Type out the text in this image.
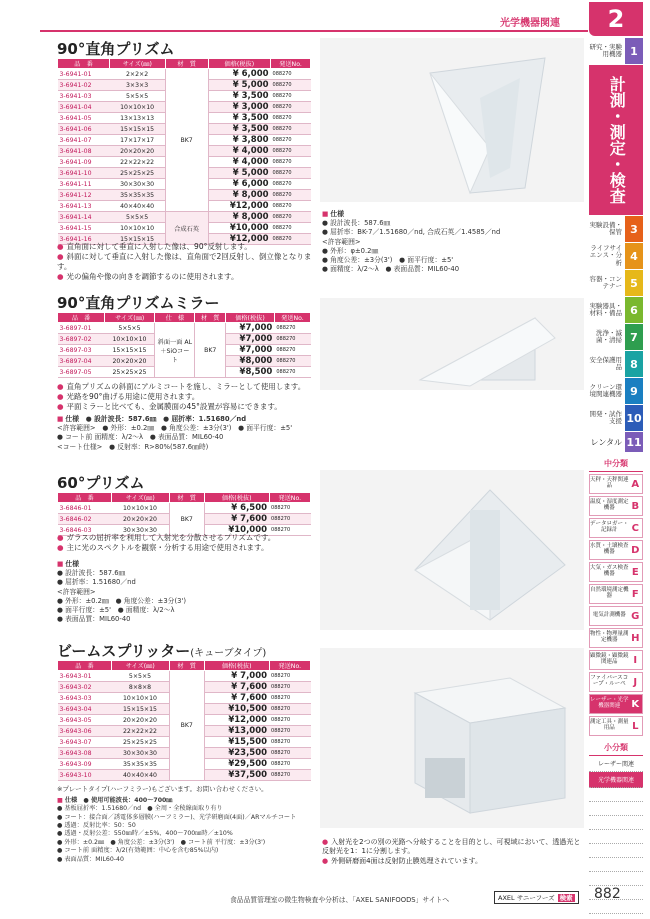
光学機器関連	2
研究・実験用機器 1
計測・測定・検査
実験設備・保管 3
ライフサイエンス・分析
4
容器・コンテナー 5
実験器具・材料・備品 6
洗浄・滅菌・清掃 7
安全保護用品 8
クリーン環境関連機器 9
開発・試作支援 10
レンタル 11
中分類
天秤・天秤関連品	A
温度・湿度測定機器	B
データロガー・記録計	C
水質・土壌検査機器	D
大気・ガス検査機器	E
自然環境測定機器	F
電気計測機器 G
物性・物理量測定機器	H
顕微鏡・顕微鏡関連品	I
ファイバースコープ・ルーペ J
レーザー・光学機器関連	K
測定工具・測量用品	L
小分類
レーザー関連
光学機器関連
90°直角プリズム
品　番	サイズ(㎜)	材　質	価格(税抜)	発送No.
3-6941-01	2×2×2	BK7	¥ 6,000	088270
3-6941-02	3×3×3		¥ 5,000	088270
3-6941-03	5×5×5		¥ 3,500	088270
3-6941-04	10×10×10		¥ 3,000	088270
3-6941-05	13×13×13		¥ 3,500	088270
3-6941-06	15×15×15		¥ 3,500	088270
3-6941-07	17×17×17		¥ 3,800	088270
3-6941-08	20×20×20		¥ 4,000	088270
3-6941-09	22×22×22		¥ 4,000	088270
3-6941-10	25×25×25		¥ 5,000	088270
3-6941-11	30×30×30		¥ 6,000	088270
3-6941-12	35×35×35		¥ 8,000	088270
3-6941-13	40×40×40		¥12,000	088270
3-6941-14	5×5×5	合成石英	¥ 8,000	088270
3-6941-15	10×10×10		¥10,000	088270
3-6941-16	15×15×15		¥12,000	088270
■ 仕様
● 設計波長：587.6㎚
● 屈折率：BK-7／1.51680／nd, 合成石英／1.4585／nd
<許容範囲>
● 外形：φ±0.2㎜
● 角度公差：±3分(3')　● 面平行度：±5'
● 面精度：λ/2～λ　● 表面品質：MIL60-40
● 直角面に対して垂直に入射した像は、90°反射します。
● 斜面に対して垂直に入射した像は、直角面で2回反射し、倒立像となります。
● 光の偏角や像の向きを調節するのに使用されます。
90°直角プリズムミラー
品　番	サイズ(㎜)	仕　様	材　質	価格(税抜)	発送No.
3-6897-01	5×5×5	斜面一面 AL＋SiOコート	BK7	¥7,000	088270
3-6897-02	10×10×10			¥7,000	088270
3-6897-03	15×15×15			¥7,000	088270
3-6897-04	20×20×20			¥8,000	088270
3-6897-05	25×25×25			¥8,500	088270
● 直角プリズムの斜面にアルミコートを施し、ミラーとして使用します。
● 光路を90°曲げる用途に使用されます。
● 平面ミラーと比べても、金属膜面の45°設置が容易にできます。
■ 仕様　● 設計波長：587.6㎚　● 屈折率：1.51680／nd
<許容範囲>　● 外形：±0.2㎜　● 角度公差：±3分(3')　● 面平行度：±5'
● コート前 面精度：λ/2～λ　● 表面品質：MIL60-40
<コート仕様>　● 反射率：R>80%(587.6㎚時)
60°プリズム
品　番	サイズ(㎜)	材　質	価格(税抜)	発送No.
3-6846-01	10×10×10	BK7	¥ 6,500	088270
3-6846-02	20×20×20		¥ 7,600	088270
3-6846-03	30×30×30		¥10,000	088270
● ガラスの屈折率を利用して入射光を分散させるプリズムです。
● 主に光のスペクトルを観察・分析する用途で使用されます。
■ 仕様
● 設計波長：587.6㎚
● 屈折率：1.51680／nd
<許容範囲>
● 外形：±0.2㎜　● 角度公差：±3分(3')
● 面平行度：±5'　● 面精度：λ/2～λ
● 表面品質：MIL60-40
ビームスプリッター(キューブタイプ)
品　番	サイズ(㎜)	材　質	価格(税抜)	発送No.
3-6943-01	5×5×5	BK7	¥ 7,000	088270
3-6943-02	8×8×8		¥ 7,600	088270
3-6943-03	10×10×10		¥ 7,600	088270
3-6943-04	15×15×15		¥10,500	088270
3-6943-05	20×20×20		¥12,000	088270
3-6943-06	22×22×22		¥13,000	088270
3-6943-07	25×25×25		¥15,500	088270
3-6943-08	30×30×30		¥23,500	088270
3-6943-09	35×35×35		¥29,500	088270
3-6943-10	40×40×40		¥37,500	088270
※プレートタイプ(ハーフミラー)もございます。お問い合わせください。
■ 仕様　● 使用可能波長：400～700㎚
● 基板屈折率：1.51680／nd　● 全周・全稜線面取り有り
● コート：接合面／誘電体多層膜(ハーフミラー)、光学研磨面(4面)／ARマルチコート
● 透過：反射比率：50：50
● 透過・反射公差：550㎚時／±5%、400～700㎚時／±10%
● 外形：±0.2㎜　● 角度公差：±3分(3')　● コート前 平行度：±3分(3')
● コート前 面精度：λ/2(有効範囲：中心を含む85%以内)
● 表面品質：MIL60-40
● 入射光を2つの別の光路へ分岐することを目的とし、可視域において、透過光と反射光を1：1に分割します。
● 外側研磨面4面は反射防止膜処理されています。
食品品質管理室の微生物検査や分析は、「AXEL SANIFOODS」サイトへ	AXEL サニーフーズ 検索	882
